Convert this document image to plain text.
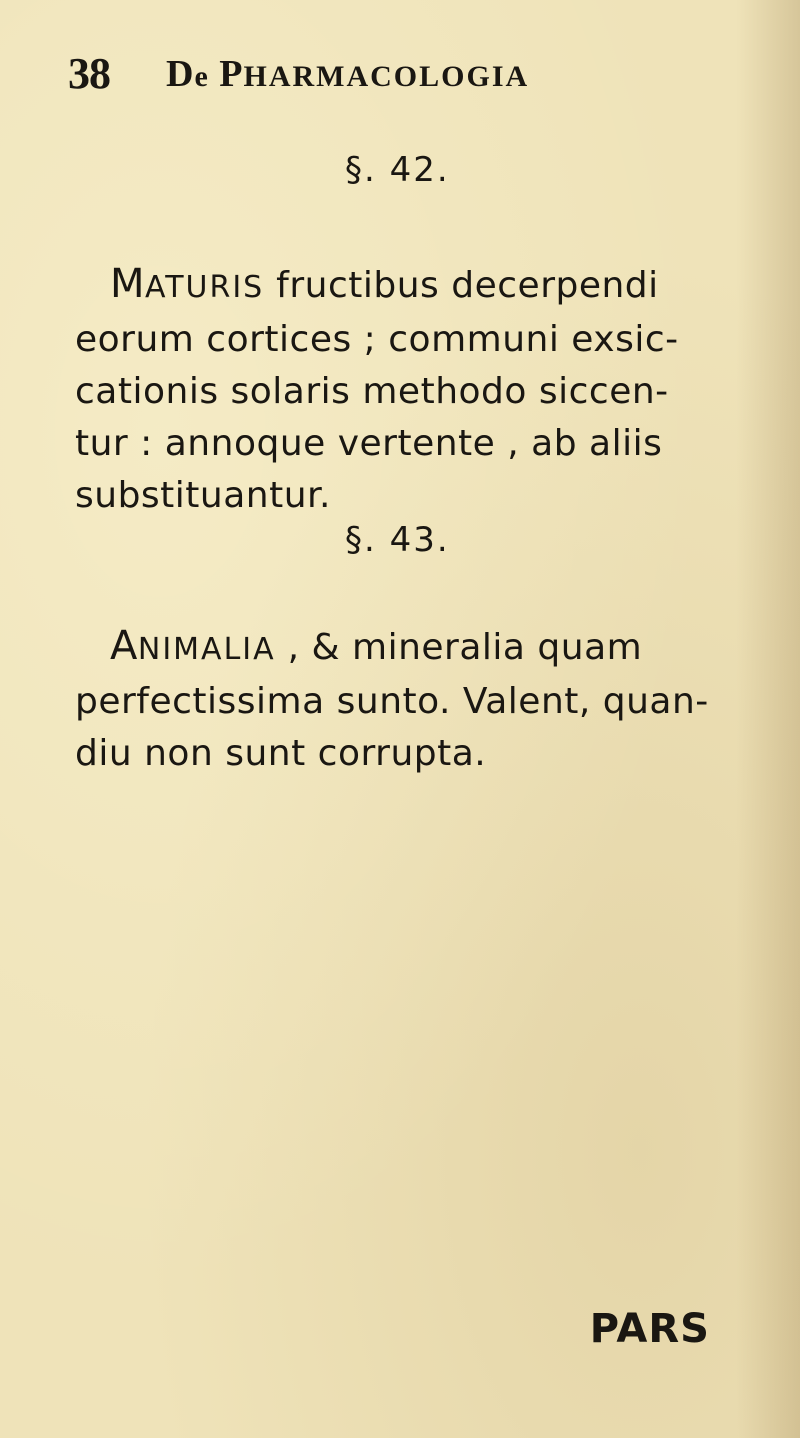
38 De PHARMACOLOGIA
§. 42.
MATURIS fructibus decerpendi
eorum cortices ; communi exsic-
cationis solaris methodo siccen-
tur : annoque vertente , ab aliis
substituantur.
§. 43.
ANIMALIA , & mineralia quam
perfectissima sunto. Valent, quan-
diu non sunt corrupta.
PARS
